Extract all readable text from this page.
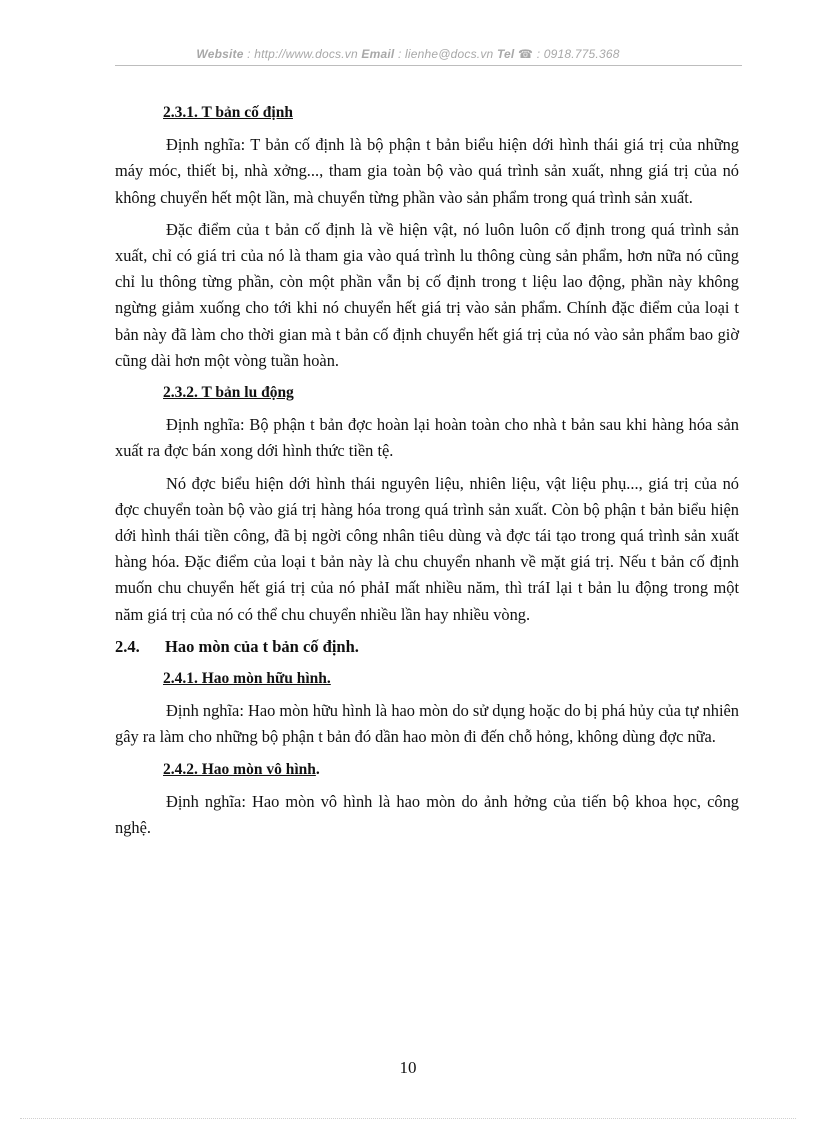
Website : http://www.docs.vn Email : lienhe@docs.vn Tel ☎ : 0918.775.368
2.3.1. T bản cố định

Định nghĩa: T bản cố định là bộ phận t bản biểu hiện dới hình thái giá trị của những máy móc, thiết bị, nhà xởng..., tham gia toàn bộ vào quá trình sản xuất, nhng giá trị của nó không chuyển hết một lần, mà chuyển từng phần vào sản phẩm trong quá trình sản xuất.

Đặc điểm của t bản cố định là về hiện vật, nó luôn luôn cố định trong quá trình sản xuất, chỉ có giá tri của nó là tham gia vào quá trình lu thông cùng sản phẩm, hơn nữa nó cũng chỉ lu thông từng phần, còn một phần vẫn bị cố định trong t liệu lao động, phần này không ngừng giảm xuống cho tới khi nó chuyển hết giá trị vào sản phẩm. Chính đặc điểm của loại t bản này đã làm cho thời gian mà t bản cố định chuyển hết giá trị của nó vào sản phẩm bao giờ cũng dài hơn một vòng tuần hoàn.

2.3.2. T bản lu động

Định nghĩa: Bộ phận t bản đợc hoàn lại hoàn toàn cho nhà t bản sau khi hàng hóa sản xuất ra đợc bán xong dới hình thức tiền tệ.

Nó đợc biểu hiện dới hình thái nguyên liệu, nhiên liệu, vật liệu phụ..., giá trị của nó đợc chuyển toàn bộ vào giá trị hàng hóa trong quá trình sản xuất. Còn bộ phận t bản biểu hiện dới hình thái tiền công, đã bị ngời công nhân tiêu dùng và đợc tái tạo trong quá trình sản xuất hàng hóa. Đặc điểm của loại t bản này là chu chuyển nhanh về mặt giá trị. Nếu t bản cố định muốn chu chuyển hết giá trị của nó phảI mất nhiều năm, thì tráI lại t bản lu động trong một năm giá trị của nó có thể chu chuyển nhiều lần hay nhiều vòng.

2.4.	Hao mòn của t bản cố định.
2.4.1. Hao mòn hữu hình.

Định nghĩa: Hao mòn hữu hình là hao mòn do sử dụng hoặc do bị phá hủy của tự nhiên gây ra làm cho những bộ phận t bản đó dần hao mòn đi đến chỗ hỏng, không dùng đợc nữa.

2.4.2. Hao mòn vô hình.

Định nghĩa: Hao mòn vô hình là hao mòn do ảnh hởng của tiến bộ khoa học, công nghệ.

10
